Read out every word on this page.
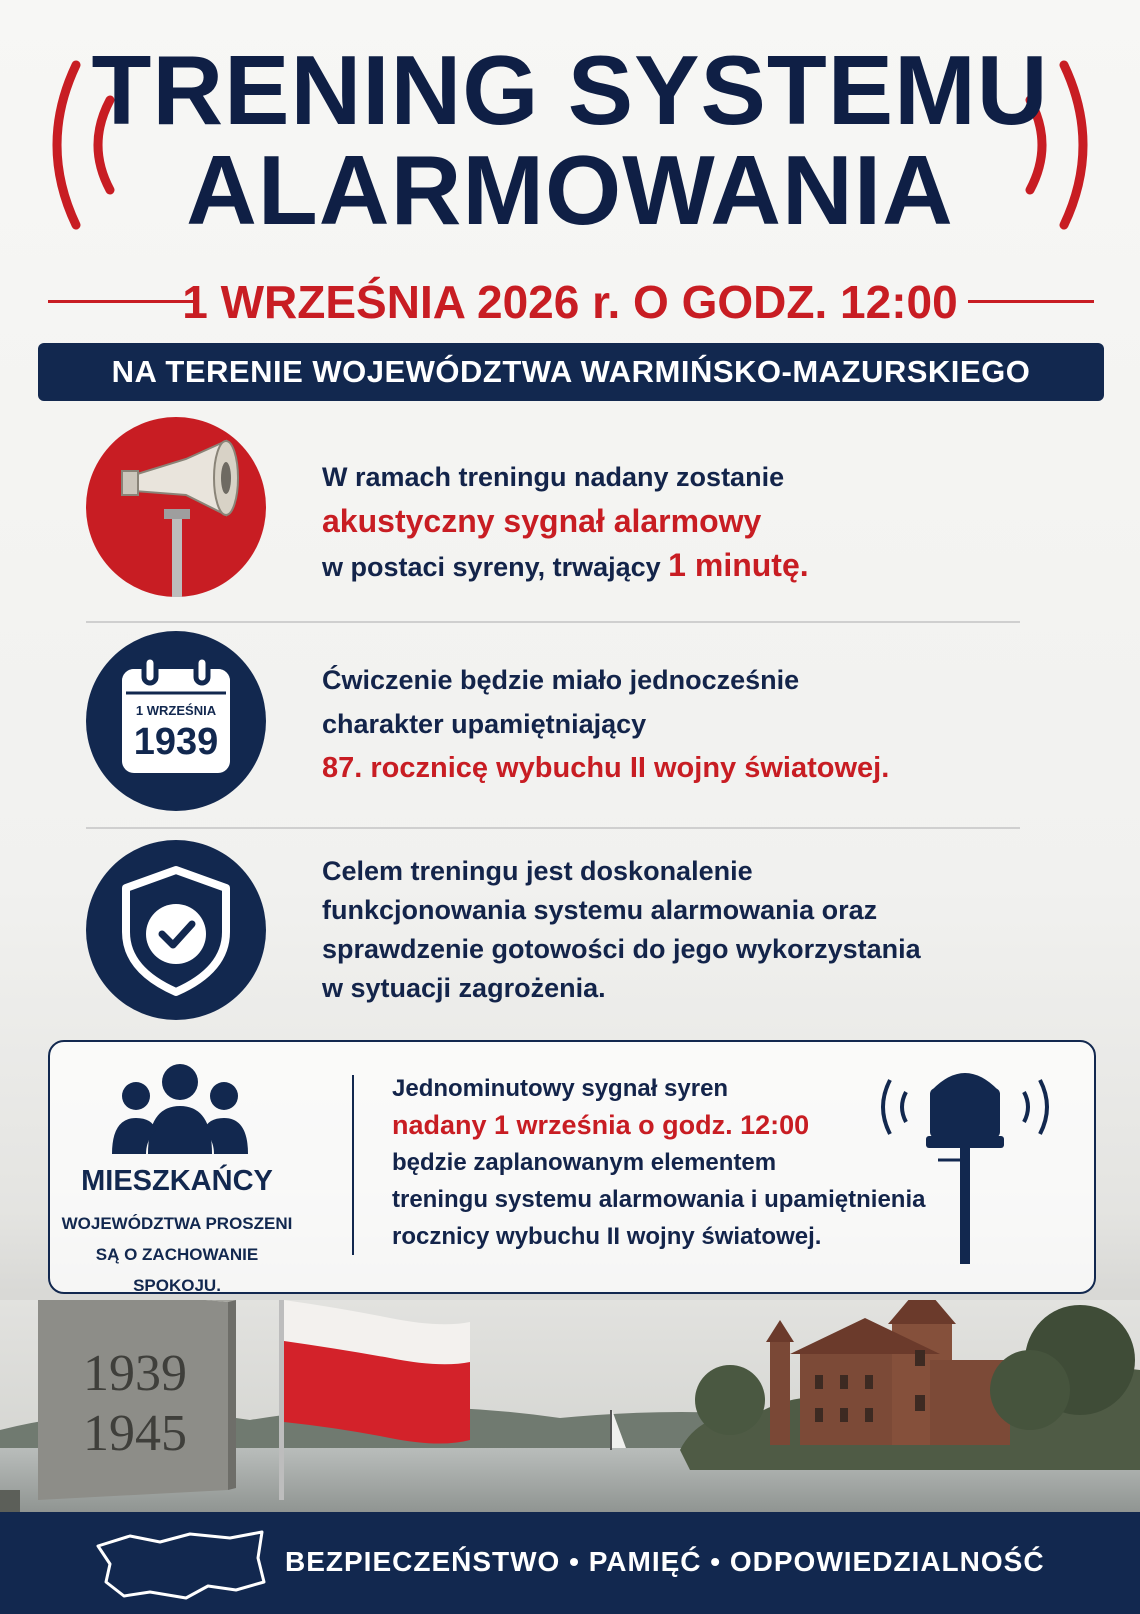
TRENING SYSTEMU
ALARMOWANIA
1 WRZEŚNIA 2026 r. O GODZ. 12:00
NA TERENIE WOJEWÓDZTWA WARMIŃSKO-MAZURSKIEGO
W ramach treningu nadany zostanie
akustyczny sygnał alarmowy
w postaci syreny, trwający 1 minutę.
1 WRZEŚNIA
1939
Ćwiczenie będzie miało jednocześnie
charakter upamiętniający
87. rocznicę wybuchu II wojny światowej.
Celem treningu jest doskonalenie
funkcjonowania systemu alarmowania oraz
sprawdzenie gotowości do jego wykorzystania
w sytuacji zagrożenia.
MIESZKAŃCY
WOJEWÓDZTWA PROSZENI
SĄ O ZACHOWANIE SPOKOJU.
Jednominutowy sygnał syren
nadany 1 września o godz. 12:00
będzie zaplanowanym elementem
treningu systemu alarmowania i upamiętnienia
rocznicy wybuchu II wojny światowej.
1939
1945
BEZPIECZEŃSTWO • PAMIĘĆ • ODPOWIEDZIALNOŚĆ
